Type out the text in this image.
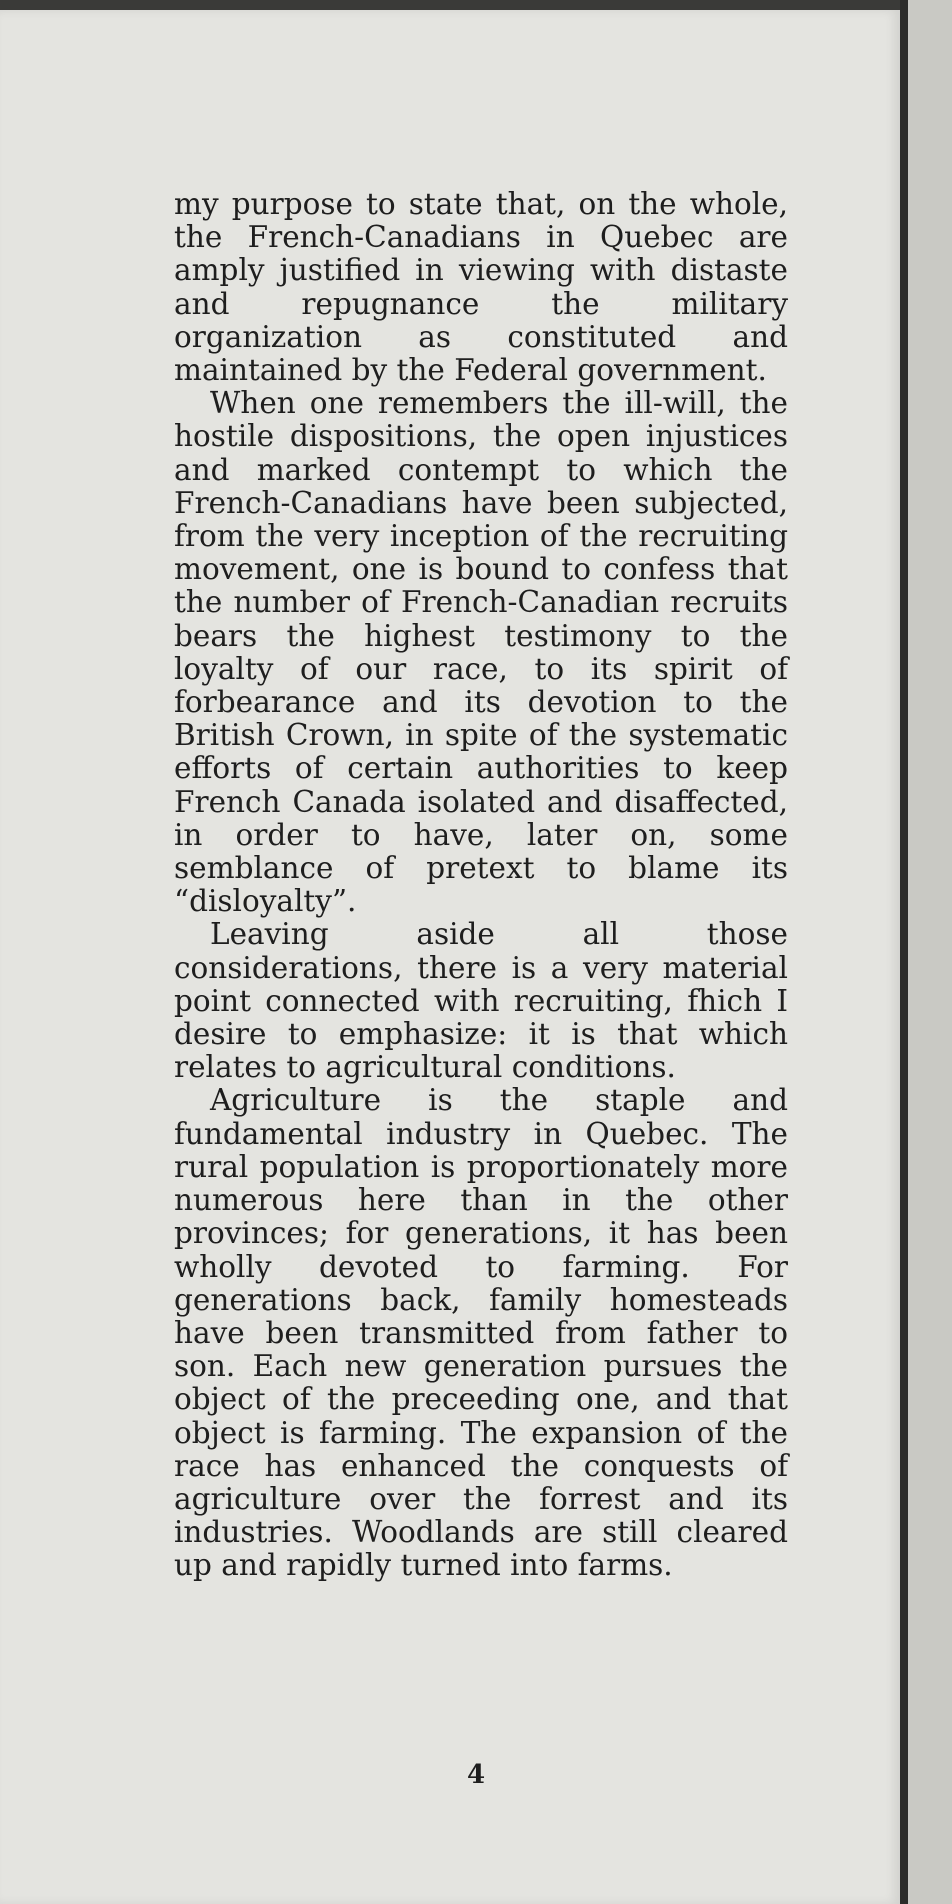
my purpose to state that, on the whole, the French-Canadians in Quebec are amply justified in viewing with distaste and repugnance the military organization as constituted and maintained by the Federal government.

When one remembers the ill-will, the hostile dispositions, the open injustices and marked contempt to which the French-Canadians have been subjected, from the very inception of the recruiting movement, one is bound to confess that the number of French-Canadian recruits bears the highest testimony to the loyalty of our race, to its spirit of forbearance and its devotion to the British Crown, in spite of the systematic efforts of certain authorities to keep French Canada isolated and disaffected, in order to have, later on, some semblance of pretext to blame its “disloyalty”.

Leaving aside all those considerations, there is a very material point connected with recruiting, fhich I desire to emphasize: it is that which relates to agricultural conditions.

Agriculture is the staple and fundamental industry in Quebec. The rural population is proportionately more numerous here than in the other provinces; for generations, it has been wholly devoted to farming. For generations back, family homesteads have been transmitted from father to son. Each new generation pursues the object of the preceeding one, and that object is farming. The expansion of the race has enhanced the conquests of agriculture over the forrest and its industries. Woodlands are still cleared up and rapidly turned into farms.

4
